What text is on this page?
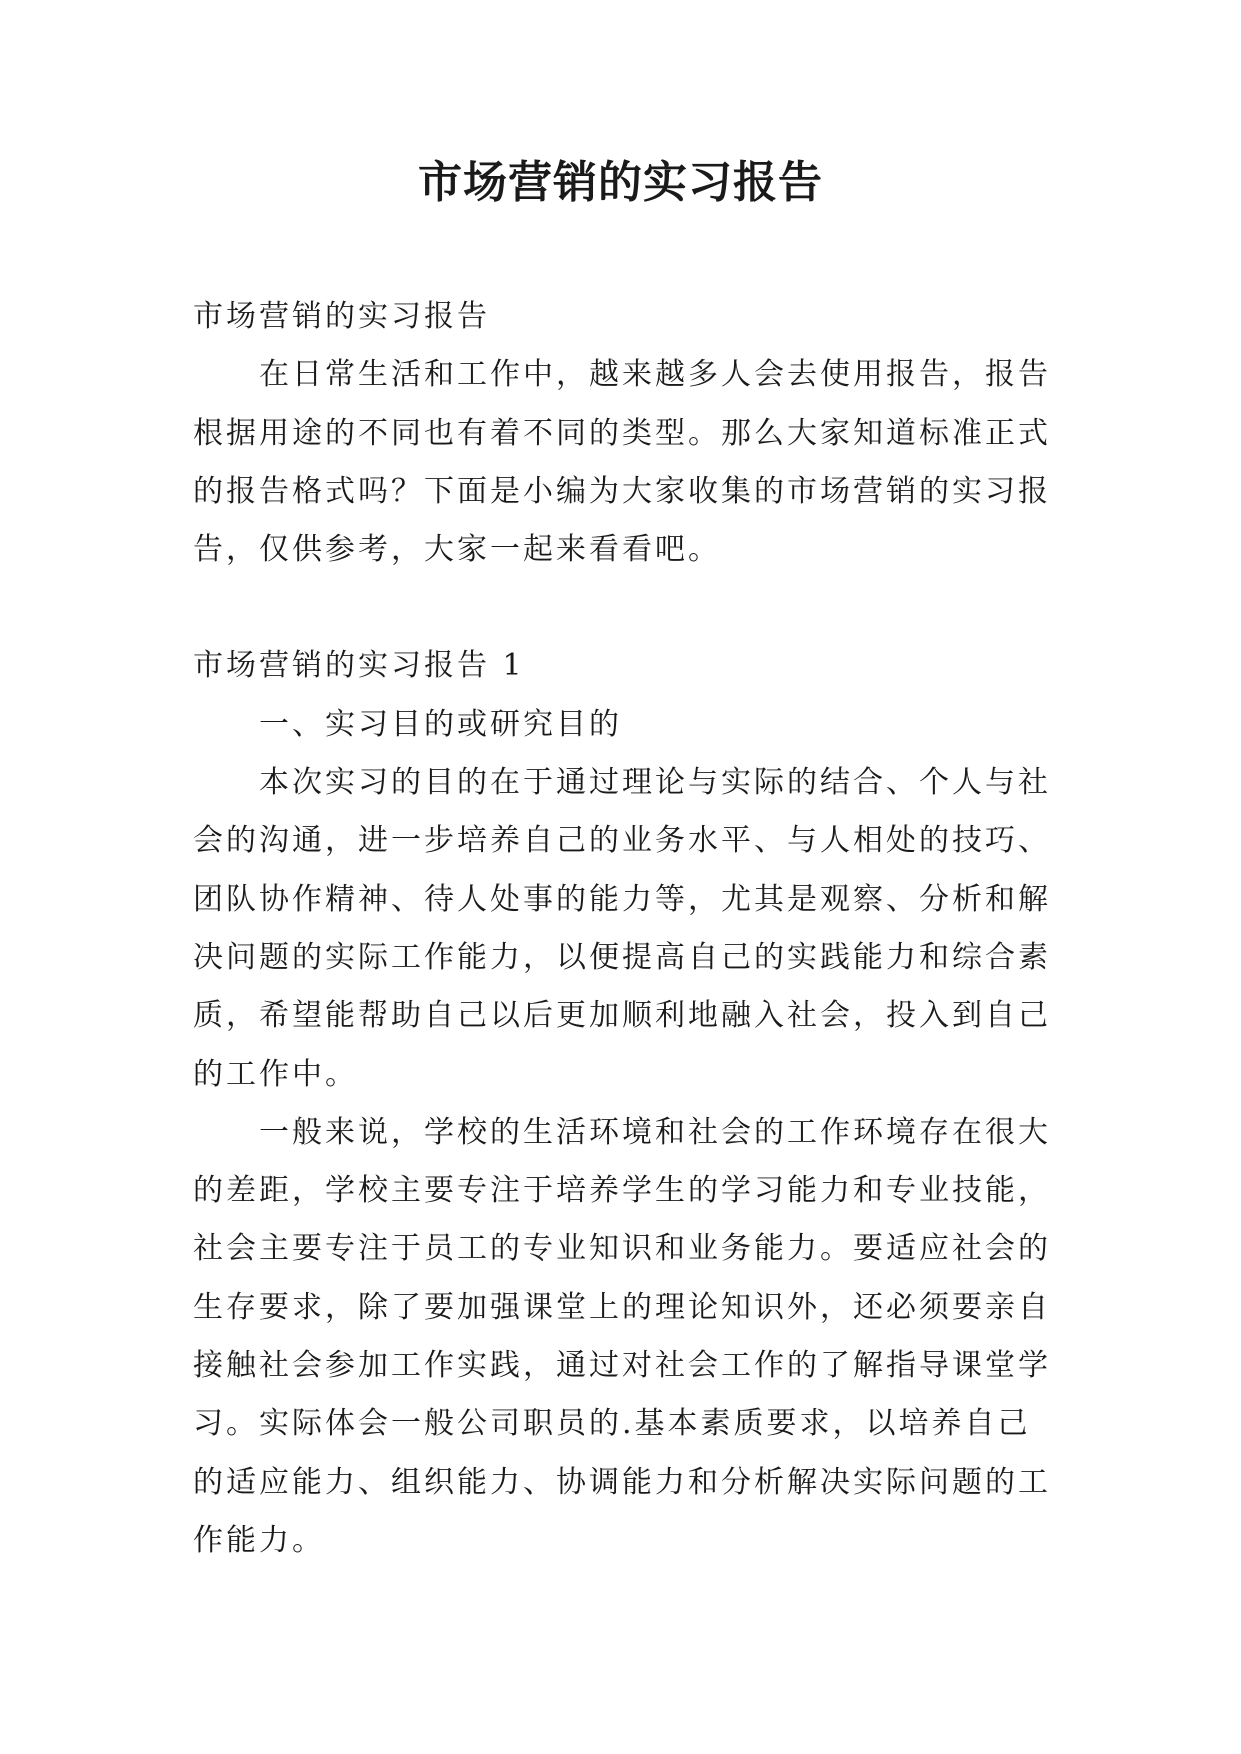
市场营销的实习报告

市场营销的实习报告

在日常生活和工作中，越来越多人会去使用报告，报告根据用途的不同也有着不同的类型。那么大家知道标准正式的报告格式吗？下面是小编为大家收集的市场营销的实习报告，仅供参考，大家一起来看看吧。

市场营销的实习报告 1

一、实习目的或研究目的

本次实习的目的在于通过理论与实际的结合、个人与社会的沟通，进一步培养自己的业务水平、与人相处的技巧、团队协作精神、待人处事的能力等，尤其是观察、分析和解决问题的实际工作能力，以便提高自己的实践能力和综合素质，希望能帮助自己以后更加顺利地融入社会，投入到自己的工作中。

一般来说，学校的生活环境和社会的工作环境存在很大的差距，学校主要专注于培养学生的学习能力和专业技能，社会主要专注于员工的专业知识和业务能力。要适应社会的生存要求，除了要加强课堂上的理论知识外，还必须要亲自接触社会参加工作实践，通过对社会工作的了解指导课堂学习。实际体会一般公司职员的.基本素质要求，以培养自己的适应能力、组织能力、协调能力和分析解决实际问题的工作能力。
